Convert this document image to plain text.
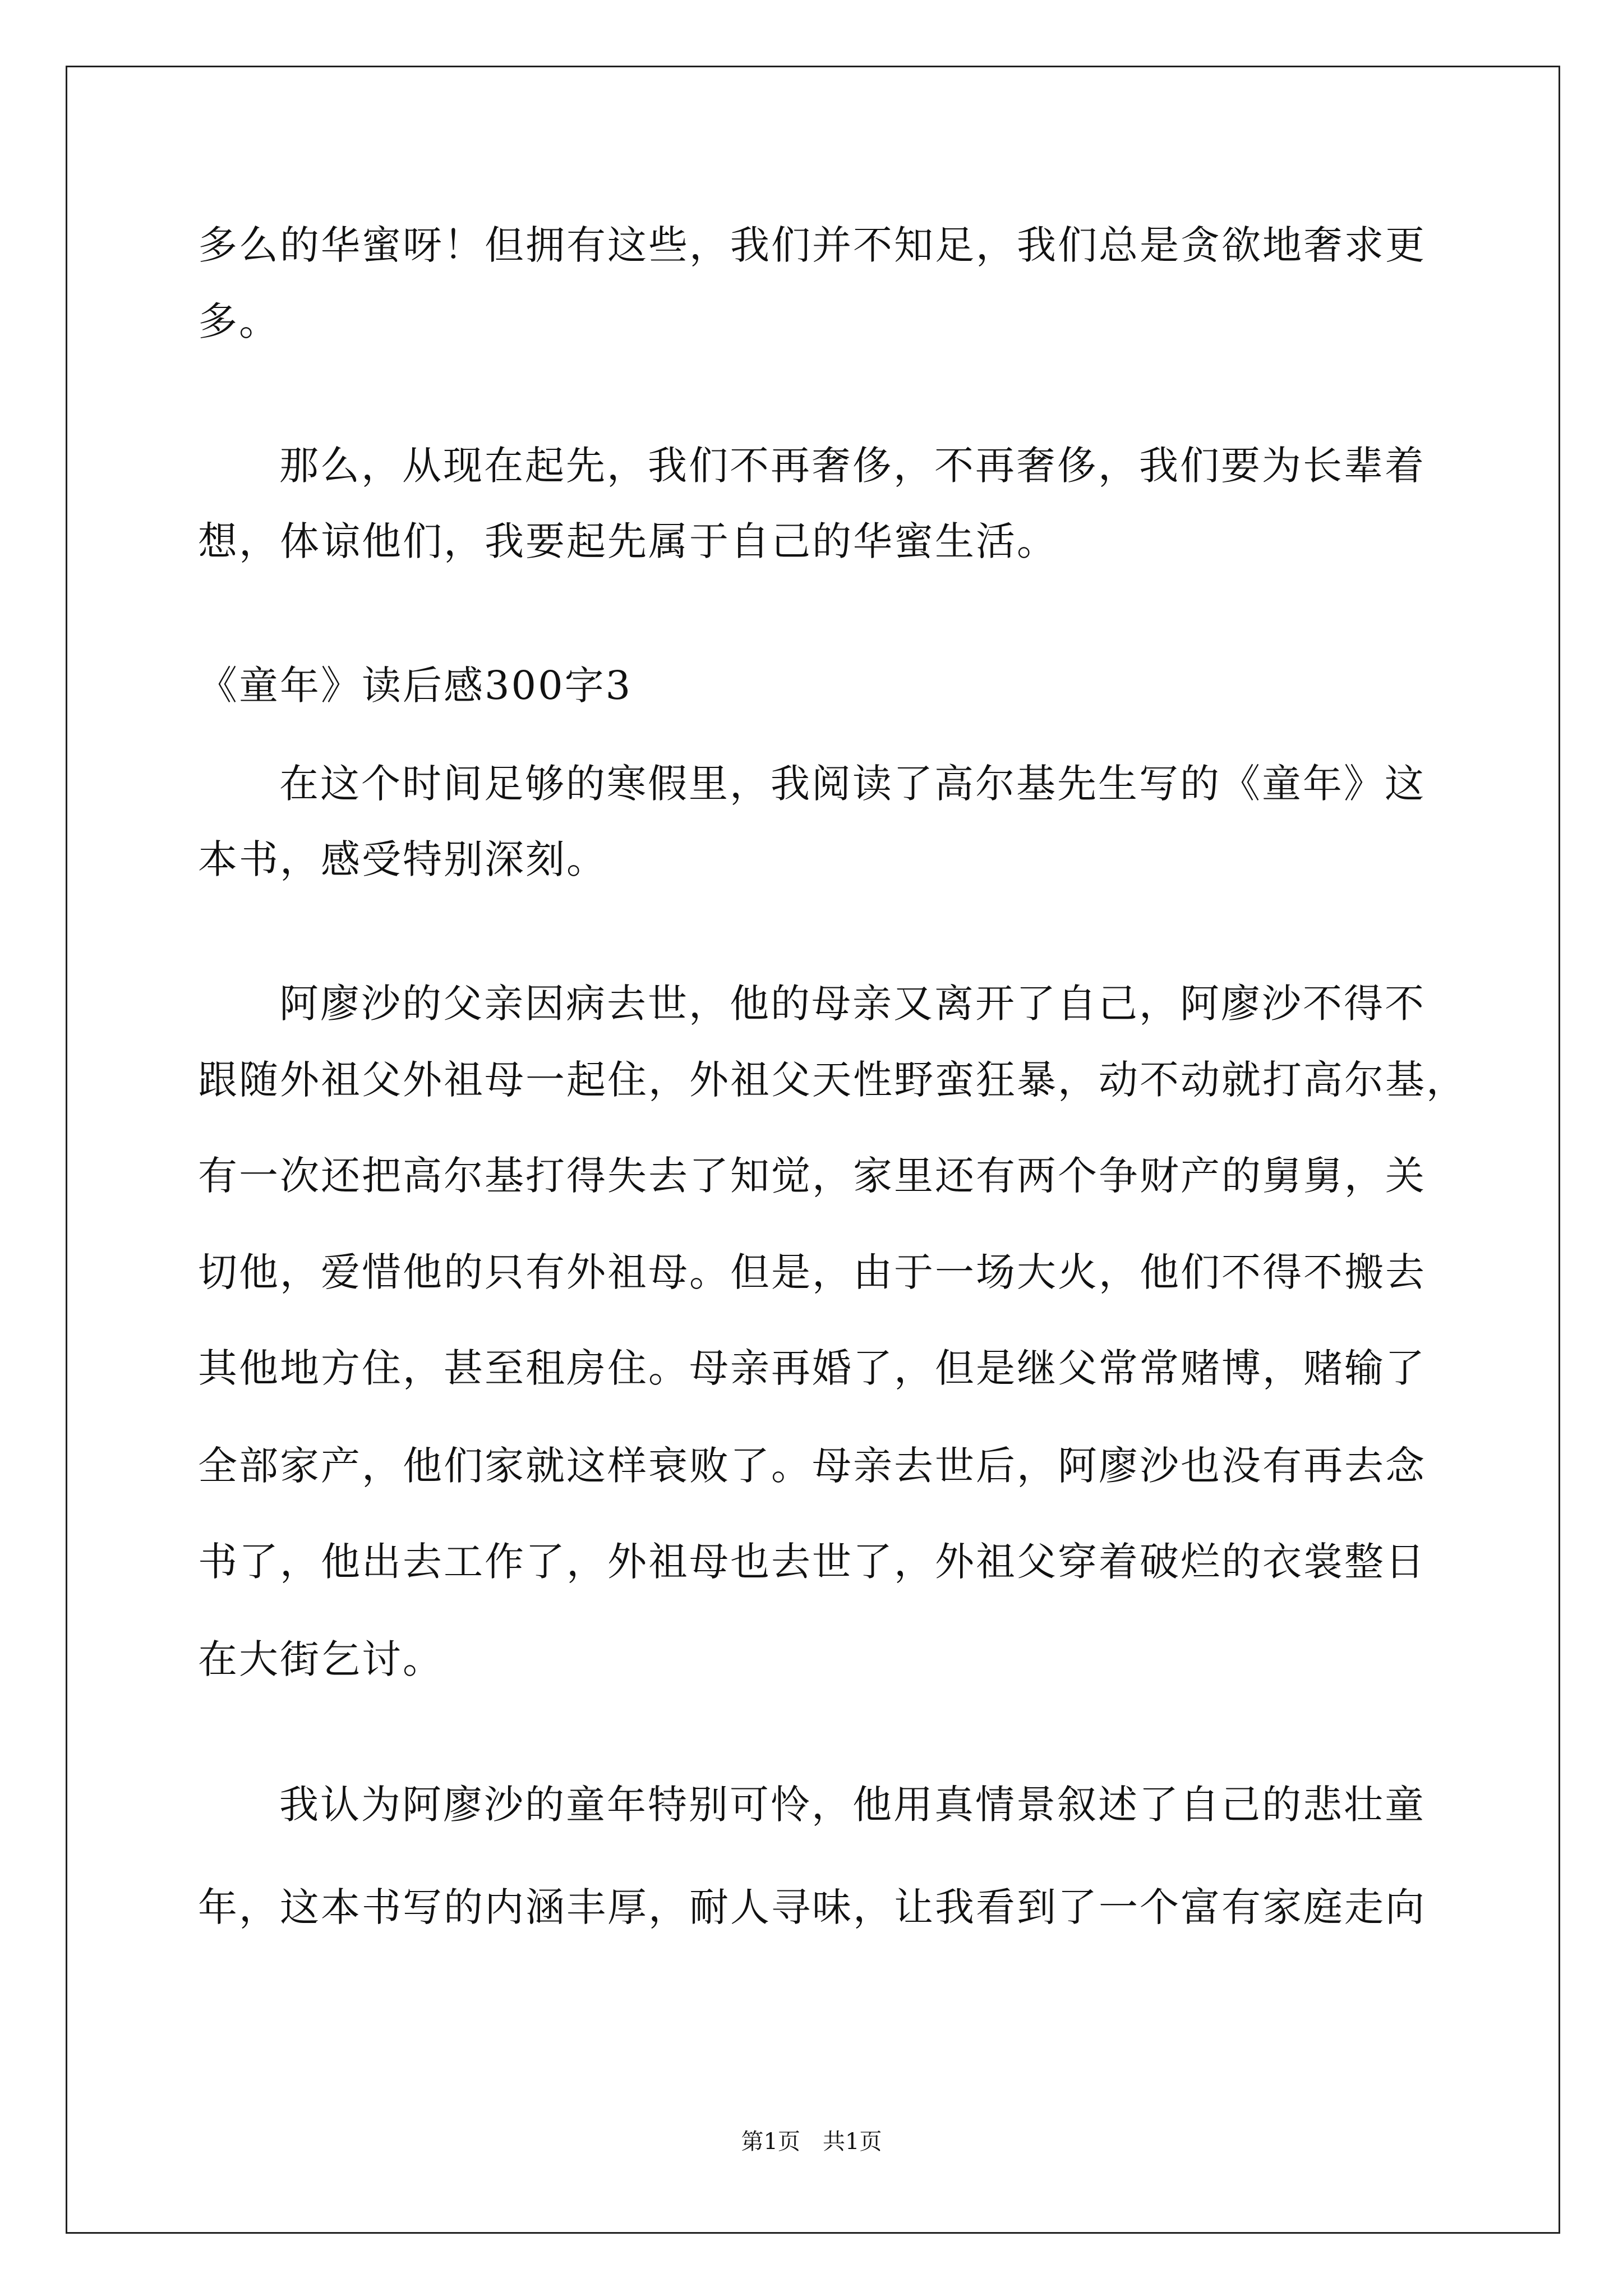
多么的华蜜呀！但拥有这些，我们并不知足，我们总是贪欲地奢求更
多。
那么，从现在起先，我们不再奢侈，不再奢侈，我们要为长辈着
想，体谅他们，我要起先属于自己的华蜜生活。
《童年》读后感300字3
在这个时间足够的寒假里，我阅读了高尔基先生写的《童年》这
本书，感受特别深刻。
阿廖沙的父亲因病去世，他的母亲又离开了自己，阿廖沙不得不
跟随外祖父外祖母一起住，外祖父天性野蛮狂暴，动不动就打高尔基，
有一次还把高尔基打得失去了知觉，家里还有两个争财产的舅舅，关
切他，爱惜他的只有外祖母。但是，由于一场大火，他们不得不搬去
其他地方住，甚至租房住。母亲再婚了，但是继父常常赌博，赌输了
全部家产，他们家就这样衰败了。母亲去世后，阿廖沙也没有再去念
书了，他出去工作了，外祖母也去世了，外祖父穿着破烂的衣裳整日
在大街乞讨。
我认为阿廖沙的童年特别可怜，他用真情景叙述了自己的悲壮童
年，这本书写的内涵丰厚，耐人寻味，让我看到了一个富有家庭走向
第1页 共1页
